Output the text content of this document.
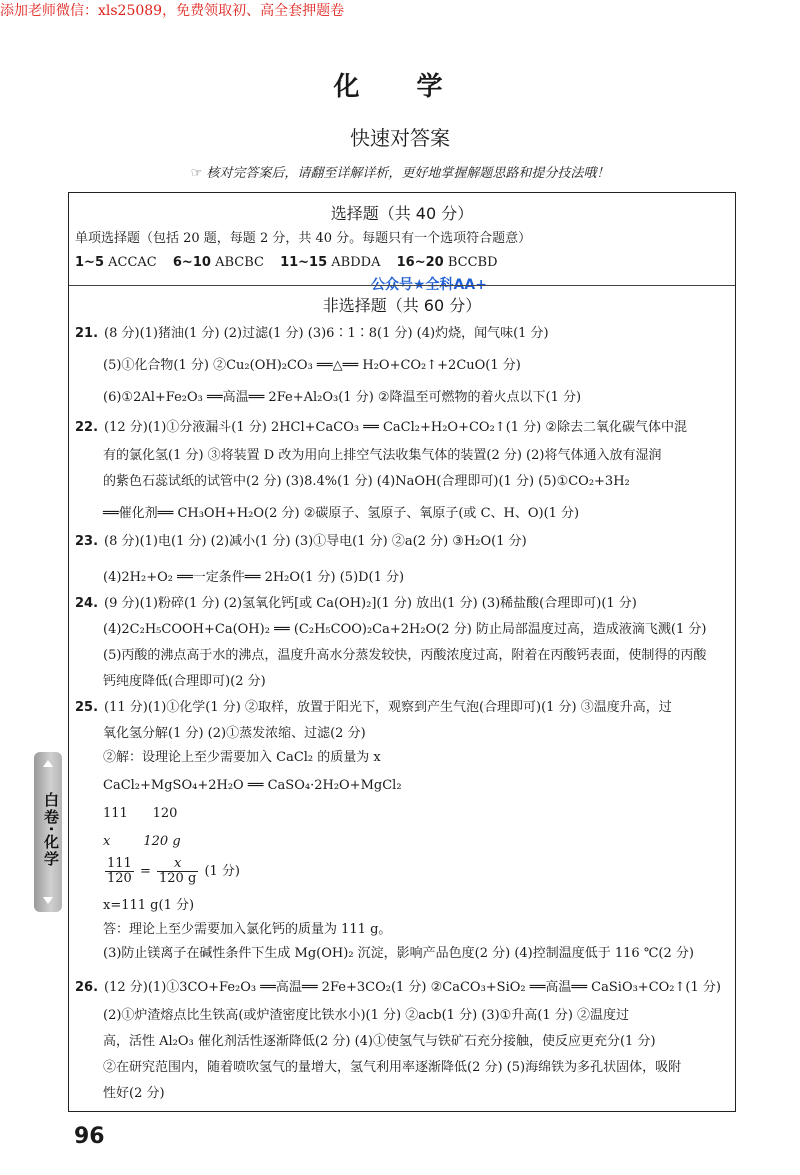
添加老师微信：xls25089，免费领取初、高全套押题卷
化 学
快速对答案
☞ 核对完答案后，请翻至详解详析，更好地掌握解题思路和提分技法哦！
选择题（共 40 分）
单项选择题（包括 20 题，每题 2 分，共 40 分。每题只有一个选项符合题意）
1~5 ACCAC 6~10 ABCBC 11~15 ABDDA 16~20 BCCBD
公众号★全科AA+
非选择题（共 60 分）
21. (8 分)(1)猪油(1 分) (2)过滤(1 分) (3)6∶1∶8(1 分) (4)灼烧，闻气味(1 分)
(5)①化合物(1 分) ②Cu₂(OH)₂CO₃ ══△══ H₂O+CO₂↑+2CuO(1 分)
(6)①2Al+Fe₂O₃ ══高温══ 2Fe+Al₂O₃(1 分) ②降温至可燃物的着火点以下(1 分)
22. (12 分)(1)①分液漏斗(1 分) 2HCl+CaCO₃ ══ CaCl₂+H₂O+CO₂↑(1 分) ②除去二氧化碳气体中混
有的氯化氢(1 分) ③将装置 D 改为用向上排空气法收集气体的装置(2 分) (2)将气体通入放有湿润
的紫色石蕊试纸的试管中(2 分) (3)8.4%(1 分) (4)NaOH(合理即可)(1 分) (5)①CO₂+3H₂
══催化剂══ CH₃OH+H₂O(2 分) ②碳原子、氢原子、氧原子(或 C、H、O)(1 分)
23. (8 分)(1)电(1 分) (2)减小(1 分) (3)①导电(1 分) ②a(2 分) ③H₂O(1 分)
(4)2H₂+O₂ ══一定条件══ 2H₂O(1 分) (5)D(1 分)
24. (9 分)(1)粉碎(1 分) (2)氢氧化钙[或 Ca(OH)₂](1 分) 放出(1 分) (3)稀盐酸(合理即可)(1 分)
(4)2C₂H₅COOH+Ca(OH)₂ ══ (C₂H₅COO)₂Ca+2H₂O(2 分) 防止局部温度过高，造成液滴飞溅(1 分)
(5)丙酸的沸点高于水的沸点，温度升高水分蒸发较快，丙酸浓度过高，附着在丙酸钙表面，使制得的丙酸
钙纯度降低(合理即可)(2 分)
25. (11 分)(1)①化学(1 分) ②取样，放置于阳光下，观察到产生气泡(合理即可)(1 分) ③温度升高，过
氧化氢分解(1 分) (2)①蒸发浓缩、过滤(2 分)
②解：设理论上至少需要加入 CaCl₂ 的质量为 x
CaCl₂+MgSO₄+2H₂O ══ CaSO₄·2H₂O+MgCl₂
111      120
x        120 g
$\frac{111}{120} = \frac{x}{120 g} (1$ 分)
x=111 g(1 分)
答：理论上至少需要加入氯化钙的质量为 111 g。
(3)防止镁离子在碱性条件下生成 Mg(OH)₂ 沉淀，影响产品色度(2 分) (4)控制温度低于 116 ℃(2 分)
26. (12 分)(1)①3CO+Fe₂O₃ ══高温══ 2Fe+3CO₂(1 分) ②CaCO₃+SiO₂ ══高温══ CaSiO₃+CO₂↑(1 分)
(2)①炉渣熔点比生铁高(或炉渣密度比铁水小)(1 分) ②acb(1 分) (3)①升高(1 分) ②温度过
高，活性 Al₂O₃ 催化剂活性逐渐降低(2 分) (4)①使氢气与铁矿石充分接触，使反应更充分(1 分)
②在研究范围内，随着喷吹氢气的量增大，氢气利用率逐渐降低(2 分) (5)海绵铁为多孔状固体，吸附
性好(2 分)
白卷·化学
96
